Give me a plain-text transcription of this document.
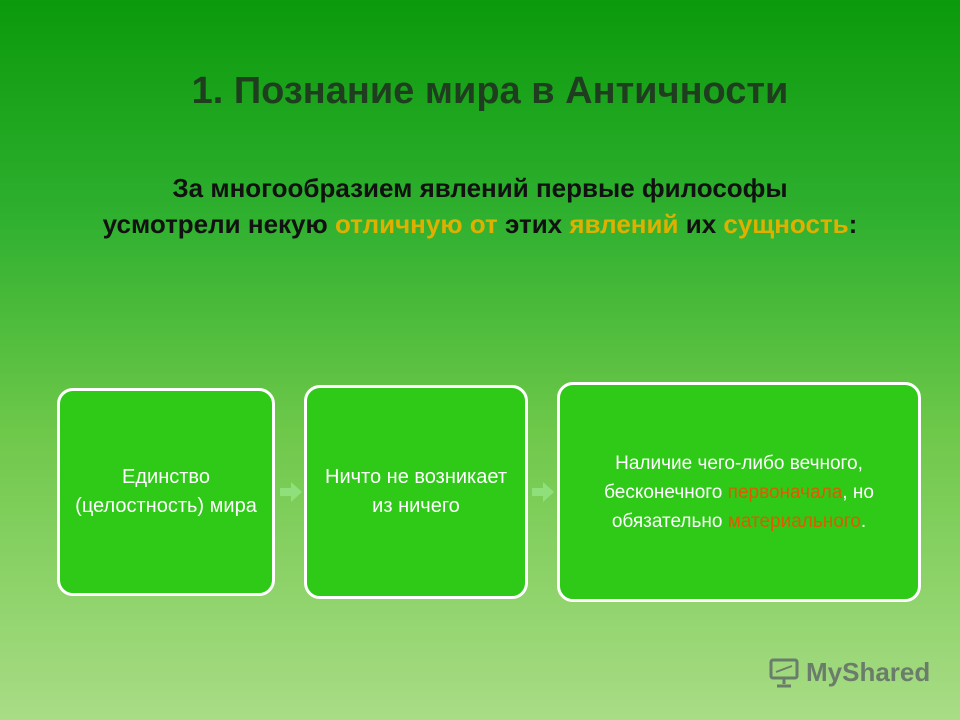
1. Познание мира в Античности
За многообразием явлений первые философы усмотрели некую отличную от этих явлений их сущность:
Единство (целостность) мира
Ничто не возникает из ничего
Наличие чего-либо вечного, бесконечного первоначала, но обязательно материального.
MyShared
